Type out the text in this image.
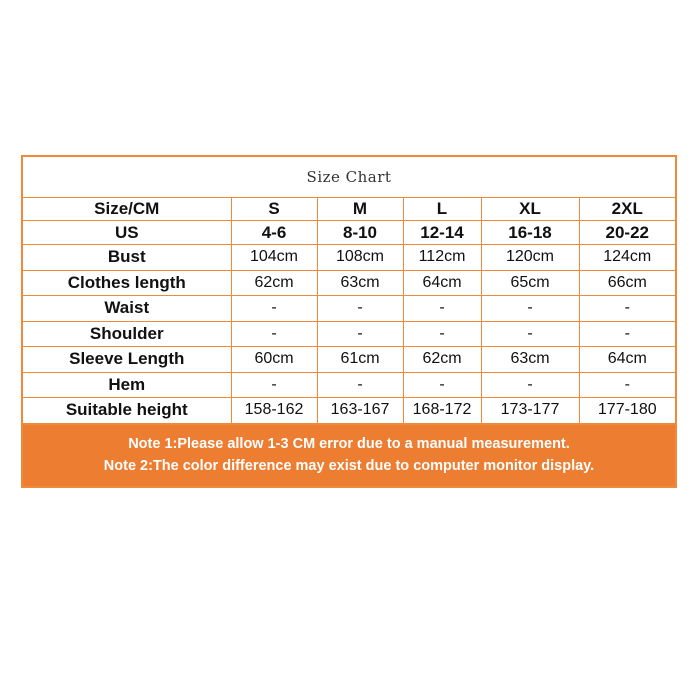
Size Chart
Size/CM	S	M	L	XL	2XL
US	4-6	8-10	12-14	16-18	20-22
Bust	104cm	108cm	112cm	120cm	124cm
Clothes length	62cm	63cm	64cm	65cm	66cm
Waist	-	-	-	-	-
Shoulder	-	-	-	-	-
Sleeve Length	60cm	61cm	62cm	63cm	64cm
Hem	-	-	-	-	-
Suitable height	158-162	163-167	168-172	173-177	177-180
Note 1:Please allow 1-3 CM error due to a manual measurement.
Note 2:The color difference may exist due to computer monitor display.
